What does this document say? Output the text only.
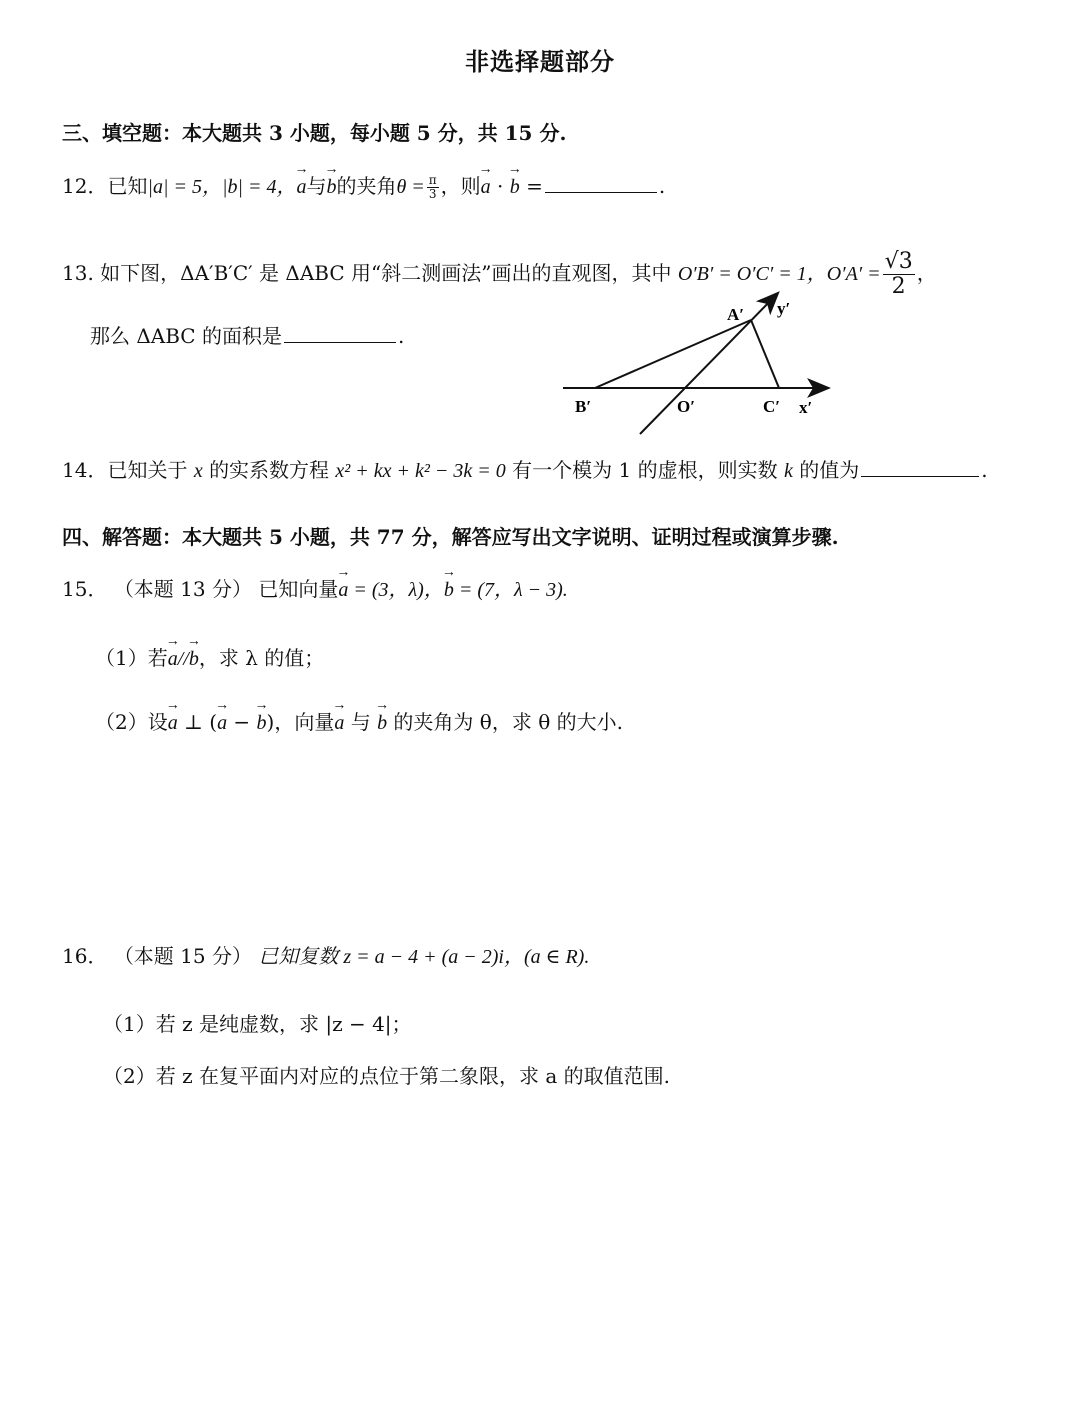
非选择题部分
三、填空题：本大题共 3 小题，每小题 5 分，共 15 分.
12．已知|a| = 5，|b| = 4，→ a与→ b的夹角$\theta = \frac{\pi}{3}$ ，则→ a · → b =	.
13. 如下图，ΔA′B′C′ 是 ΔABC 用“斜二测画法”画出的直观图，其中 O′B′ = O′C′ = 1，$O'A' = \frac{√3}{2}$ ，
那么 ΔABC 的面积是	.
A′ y′
B′	O′	C′ x′
14．已知关于 x 的实系数方程 x² + kx + k² − 3k = 0 有一个模为 1 的虚根，则实数 k 的值为	.
四、解答题：本大题共 5 小题，共 77 分，解答应写出文字说明、证明过程或演算步骤.
15． （本题 13 分） 已知向量→ a = (3，λ)，→ b = (7，λ − 3).
（1）若→ a//→ b，求 λ 的值；
（2）设→ a ⊥ (→ a − → b)，向量→ a 与 → b 的夹角为 θ，求 θ 的大小.
16． （本题 15 分） 已知复数 z = a − 4 + (a − 2)i，(a ∈ R).
（1）若 z 是纯虚数，求 |z − 4|；
（2）若 z 在复平面内对应的点位于第二象限，求 a 的取值范围.
